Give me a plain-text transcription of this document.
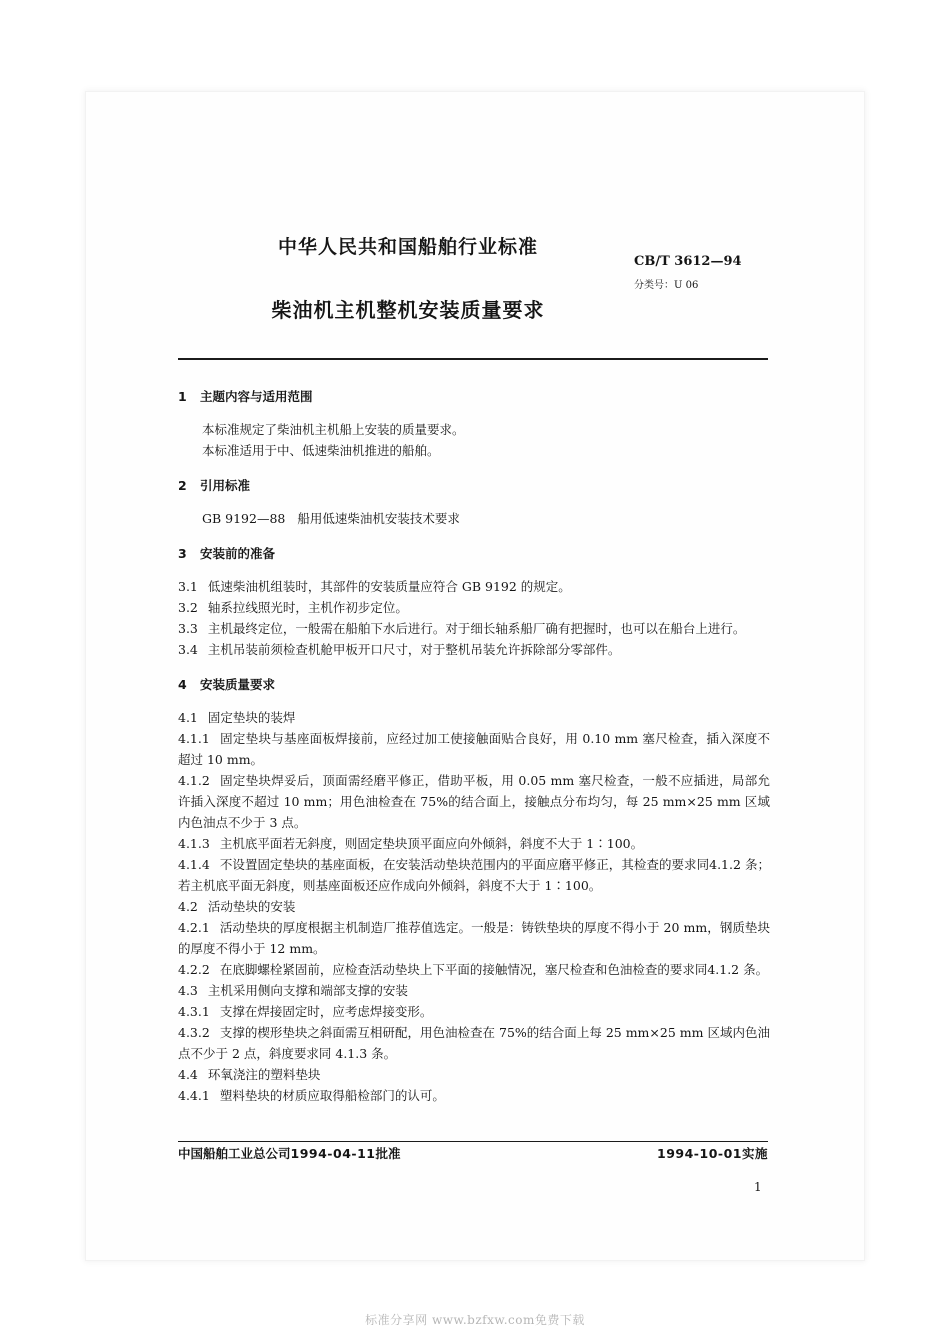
中华人民共和国船舶行业标准
CB/T 3612—94
分类号：U 06
柴油机主机整机安装质量要求
1 主题内容与适用范围
本标准规定了柴油机主机船上安装的质量要求。
本标准适用于中、低速柴油机推进的船舶。
2 引用标准
GB 9192—88 船用低速柴油机安装技术要求
3 安装前的准备
3.1 低速柴油机组装时，其部件的安装质量应符合 GB 9192 的规定。
3.2 轴系拉线照光时，主机作初步定位。
3.3 主机最终定位，一般需在船舶下水后进行。对于细长轴系船厂确有把握时，也可以在船台上进行。
3.4 主机吊装前须检查机舱甲板开口尺寸，对于整机吊装允许拆除部分零部件。
4 安装质量要求
4.1 固定垫块的装焊
4.1.1 固定垫块与基座面板焊接前，应经过加工使接触面贴合良好，用 0.10 mm 塞尺检查，插入深度不超过 10 mm。
4.1.2 固定垫块焊妥后，顶面需经磨平修正，借助平板，用 0.05 mm 塞尺检查，一般不应插进，局部允许插入深度不超过 10 mm；用色油检查在 75%的结合面上，接触点分布均匀，每 25 mm×25 mm 区域内色油点不少于 3 点。
4.1.3 主机底平面若无斜度，则固定垫块顶平面应向外倾斜，斜度不大于 1∶100。
4.1.4 不设置固定垫块的基座面板，在安装活动垫块范围内的平面应磨平修正，其检查的要求同4.1.2 条；若主机底平面无斜度，则基座面板还应作成向外倾斜，斜度不大于 1∶100。
4.2 活动垫块的安装
4.2.1 活动垫块的厚度根据主机制造厂推荐值选定。一般是：铸铁垫块的厚度不得小于 20 mm，钢质垫块的厚度不得小于 12 mm。
4.2.2 在底脚螺栓紧固前，应检查活动垫块上下平面的接触情况，塞尺检查和色油检查的要求同4.1.2 条。
4.3 主机采用侧向支撑和端部支撑的安装
4.3.1 支撑在焊接固定时，应考虑焊接变形。
4.3.2 支撑的楔形垫块之斜面需互相研配，用色油检查在 75%的结合面上每 25 mm×25 mm 区域内色油点不少于 2 点，斜度要求同 4.1.3 条。
4.4 环氧浇注的塑料垫块
4.4.1 塑料垫块的材质应取得船检部门的认可。
中国船舶工业总公司1994-04-11批准	1994-10-01实施
1
标准分享网 www.bzfxw.com免费下载
